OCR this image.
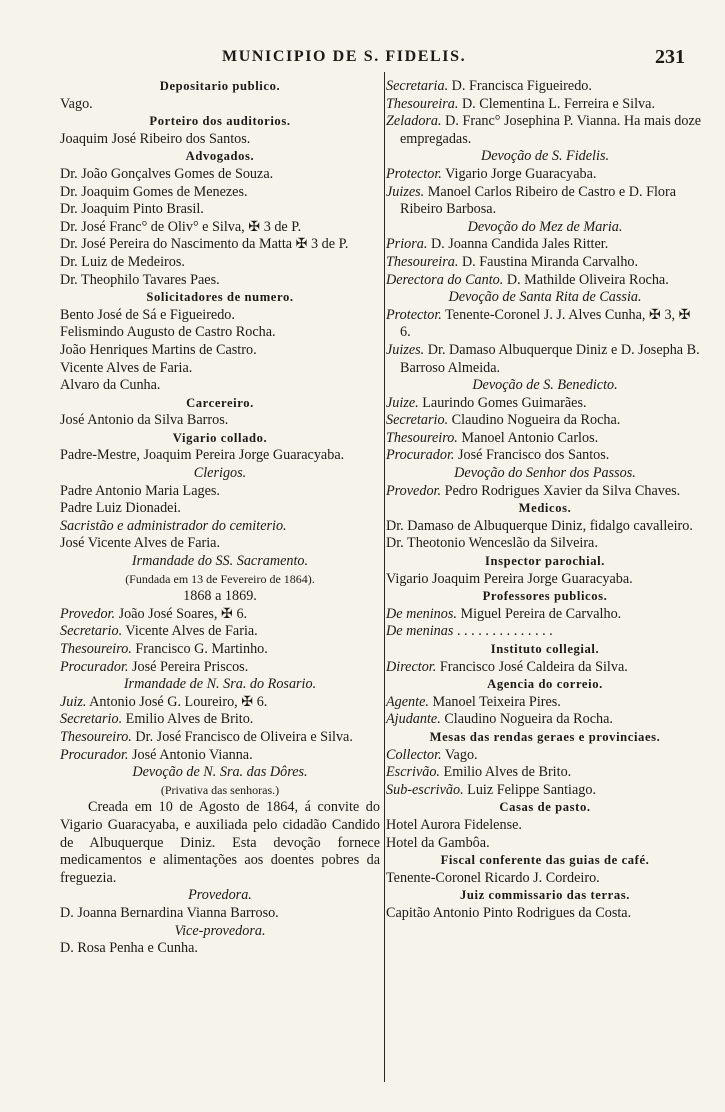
MUNICIPIO DE S. FIDELIS.	231
Depositario publico.
Vago.
Porteiro dos auditorios.
Joaquim José Ribeiro dos Santos.
Advogados.
Dr. João Gonçalves Gomes de Souza.
Dr. Joaquim Gomes de Menezes.
Dr. Joaquim Pinto Brasil.
Dr. José Franc° de Oliv° e Silva, ✠ 3 de P.
Dr. José Pereira do Nascimento da Matta ✠ 3 de P.
Dr. Luiz de Medeiros.
Dr. Theophilo Tavares Paes.
Solicitadores de numero.
Bento José de Sá e Figueiredo.
Felismindo Augusto de Castro Rocha.
João Henriques Martins de Castro.
Vicente Alves de Faria.
Alvaro da Cunha.
Carcereiro.
José Antonio da Silva Barros.
Vigario collado.
Padre-Mestre, Joaquim Pereira Jorge Guaracyaba.
Clerigos.
Padre Antonio Maria Lages.
Padre Luiz Dionadei.
Sacristão e administrador do cemiterio.
José Vicente Alves de Faria.
Irmandade do SS. Sacramento.
(Fundada em 13 de Fevereiro de 1864).
1868 a 1869.
Provedor. João José Soares, ✠ 6.
Secretario. Vicente Alves de Faria.
Thesoureiro. Francisco G. Martinho.
Procurador. José Pereira Priscos.
Irmandade de N. Sra. do Rosario.
Juiz. Antonio José G. Loureiro, ✠ 6.
Secretario. Emilio Alves de Brito.
Thesoureiro. Dr. José Francisco de Oliveira e Silva.
Procurador. José Antonio Vianna.
Devoção de N. Sra. das Dôres.
(Privativa das senhoras.)
Creada em 10 de Agosto de 1864, á convite do Vigario Guaracyaba, e auxiliada pelo cidadão Candido de Albuquerque Diniz. Esta devoção fornece medicamentos e alimentações aos doentes pobres da freguezia.
Provedora.
D. Joanna Bernardina Vianna Barroso.
Vice-provedora.
D. Rosa Penha e Cunha.
Secretaria. D. Francisca Figueiredo.
Thesoureira. D. Clementina L. Ferreira e Silva.
Zeladora. D. Franc° Josephina P. Vianna. Ha mais doze empregadas.
Devoção de S. Fidelis.
Protector. Vigario Jorge Guaracyaba.
Juizes. Manoel Carlos Ribeiro de Castro e D. Flora Ribeiro Barbosa.
Devoção do Mez de Maria.
Priora. D. Joanna Candida Jales Ritter.
Thesoureira. D. Faustina Miranda Carvalho.
Derectora do Canto. D. Mathilde Oliveira Rocha.
Devoção de Santa Rita de Cassia.
Protector. Tenente-Coronel J. J. Alves Cunha, ✠ 3, ✠ 6.
Juizes. Dr. Damaso Albuquerque Diniz e D. Josepha B. Barroso Almeida.
Devoção de S. Benedicto.
Juize. Laurindo Gomes Guimarães.
Secretario. Claudino Nogueira da Rocha.
Thesoureiro. Manoel Antonio Carlos.
Procurador. José Francisco dos Santos.
Devoção do Senhor dos Passos.
Provedor. Pedro Rodrigues Xavier da Silva Chaves.
Medicos.
Dr. Damaso de Albuquerque Diniz, fidalgo cavalleiro.
Dr. Theotonio Wenceslão da Silveira.
Inspector parochial.
Vigario Joaquim Pereira Jorge Guaracyaba.
Professores publicos.
De meninos. Miguel Pereira de Carvalho.
De meninas . . . . . . . . . . . . . .
Instituto collegial.
Director. Francisco José Caldeira da Silva.
Agencia do correio.
Agente. Manoel Teixeira Pires.
Ajudante. Claudino Nogueira da Rocha.
Mesas das rendas geraes e provinciaes.
Collector. Vago.
Escrivão. Emilio Alves de Brito.
Sub-escrivão. Luiz Felippe Santiago.
Casas de pasto.
Hotel Aurora Fidelense.
Hotel da Gambôa.
Fiscal conferente das guias de café.
Tenente-Coronel Ricardo J. Cordeiro.
Juiz commissario das terras.
Capitão Antonio Pinto Rodrigues da Costa.
